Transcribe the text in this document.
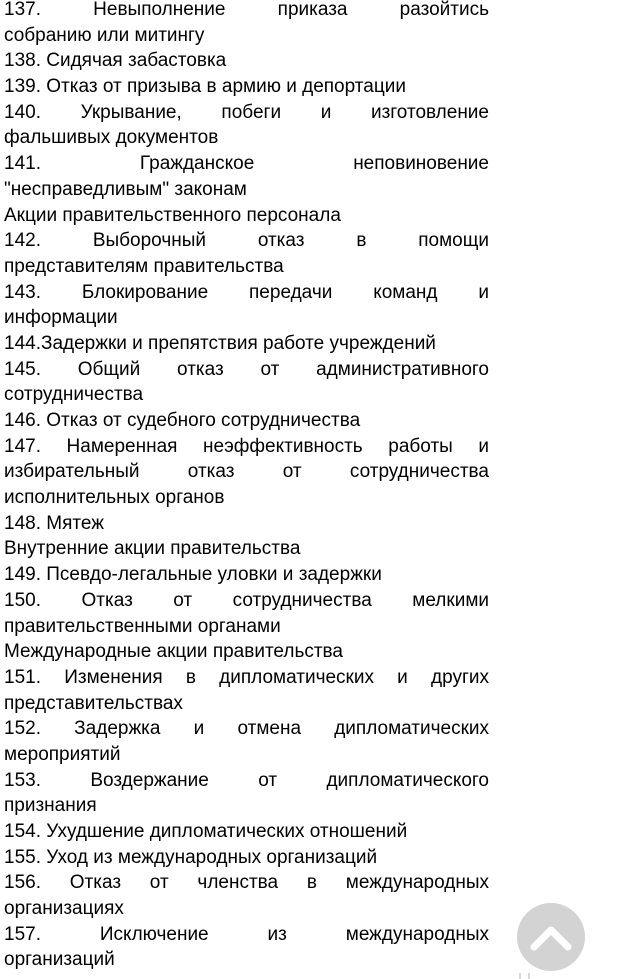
137. Невыполнение приказа разойтись
собранию или митингу
138. Сидячая забастовка
139. Отказ от призыва в армию и депортации
140. Укрывание, побеги и изготовление
фальшивых документов
141. Гражданское неповиновение
"несправедливым" законам
Акции правительственного персонала
142. Выборочный отказ в помощи
представителям правительства
143. Блокирование передачи команд и
информации
144.Задержки и препятствия работе учреждений
145. Общий отказ от административного
сотрудничества
146. Отказ от судебного сотрудничества
147. Намеренная неэффективность работы и
избирательный отказ от сотрудничества
исполнительных органов
148. Мятеж
Внутренние акции правительства
149. Псевдо-легальные уловки и задержки
150. Отказ от сотрудничества мелкими
правительственными органами
Международные акции правительства
151. Изменения в дипломатических и других
представительствах
152. Задержка и отмена дипломатических
мероприятий
153. Воздержание от дипломатического
признания
154. Ухудшение дипломатических отношений
155. Уход из международных организаций
156. Отказ от членства в международных
организациях
157. Исключение из международных
организаций
